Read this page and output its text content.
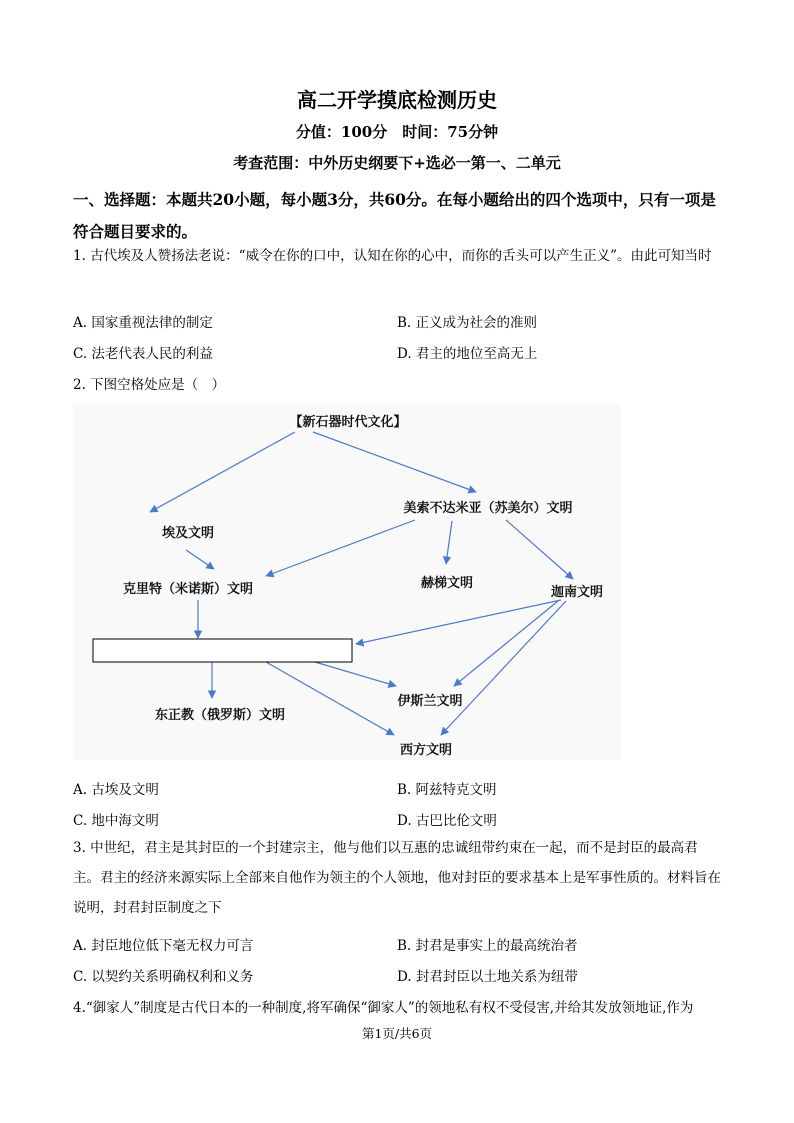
高二开学摸底检测历史
分值：100分　时间：75分钟
考查范围：中外历史纲要下+选必一第一、二单元
一、选择题：本题共20小题，每小题3分，共60分。在每小题给出的四个选项中，只有一项是符合题目要求的。
1. 古代埃及人赞扬法老说：“威令在你的口中，认知在你的心中，而你的舌头可以产生正义”。由此可知当时
A. 国家重视法律的制定	B. 正义成为社会的准则
C. 法老代表人民的利益	D. 君主的地位至高无上
2. 下图空格处应是（　）
【新石器时代文化】
埃及文明
美索不达米亚（苏美尔）文明
克里特（米诺斯）文明	赫梯文明
迦南文明
东正教（俄罗斯）文明
伊斯兰文明
西方文明
A. 古埃及文明	B. 阿兹特克文明
C. 地中海文明	D. 古巴比伦文明
3. 中世纪，君主是其封臣的一个封建宗主，他与他们以互惠的忠诚纽带约束在一起，而不是封臣的最高君主。君主的经济来源实际上全部来自他作为领主的个人领地，他对封臣的要求基本上是军事性质的。材料旨在说明，封君封臣制度之下
A. 封臣地位低下毫无权力可言	B. 封君是事实上的最高统治者
C. 以契约关系明确权利和义务	D. 封君封臣以土地关系为纽带
4.“御家人”制度是古代日本的一种制度,将军确保“御家人”的领地私有权不受侵害,并给其发放领地证,作为
第1页/共6页
